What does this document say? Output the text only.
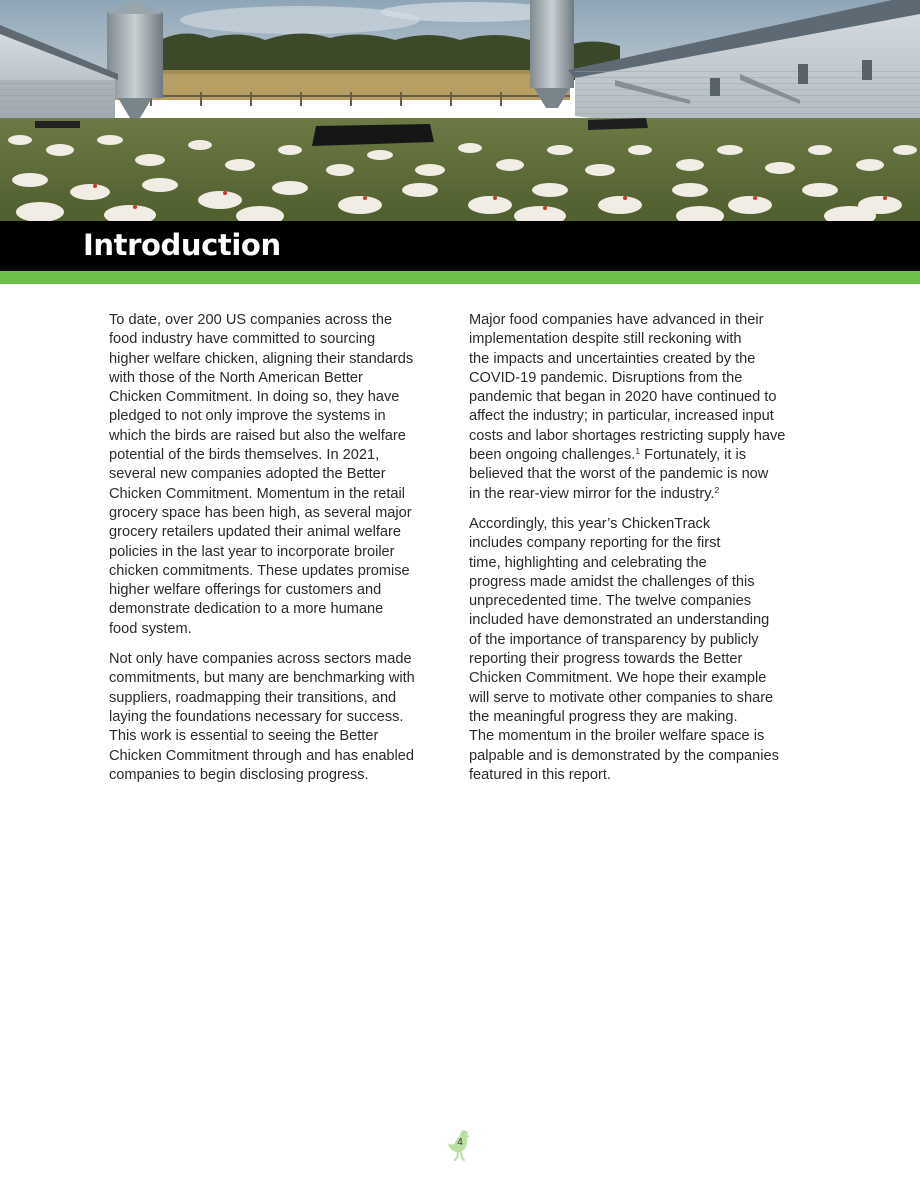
Introduction

To date, over 200 US companies across the
food industry have committed to sourcing
higher welfare chicken, aligning their standards
with those of the North American Better
Chicken Commitment. In doing so, they have
pledged to not only improve the systems in
which the birds are raised but also the welfare
potential of the birds themselves. In 2021,
several new companies adopted the Better
Chicken Commitment. Momentum in the retail
grocery space has been high, as several major
grocery retailers updated their animal welfare
policies in the last year to incorporate broiler
chicken commitments. These updates promise
higher welfare offerings for customers and
demonstrate dedication to a more humane
food system.

Not only have companies across sectors made
commitments, but many are benchmarking with
suppliers, roadmapping their transitions, and
laying the foundations necessary for success.
This work is essential to seeing the Better
Chicken Commitment through and has enabled
companies to begin disclosing progress.

Major food companies have advanced in their
implementation despite still reckoning with
the impacts and uncertainties created by the
COVID-19 pandemic. Disruptions from the
pandemic that began in 2020 have continued to
affect the industry; in particular, increased input
costs and labor shortages restricting supply have
been ongoing challenges.$^1$ Fortunately, it is
believed that the worst of the pandemic is now
in the rear-view mirror for the industry.$^2$

Accordingly, this year’s ChickenTrack
includes company reporting for the first
time, highlighting and celebrating the
progress made amidst the challenges of this
unprecedented time. The twelve companies
included have demonstrated an understanding
of the importance of transparency by publicly
reporting their progress towards the Better
Chicken Commitment. We hope their example
will serve to motivate other companies to share
the meaningful progress they are making.
The momentum in the broiler welfare space is
palpable and is demonstrated by the companies
featured in this report.

4
